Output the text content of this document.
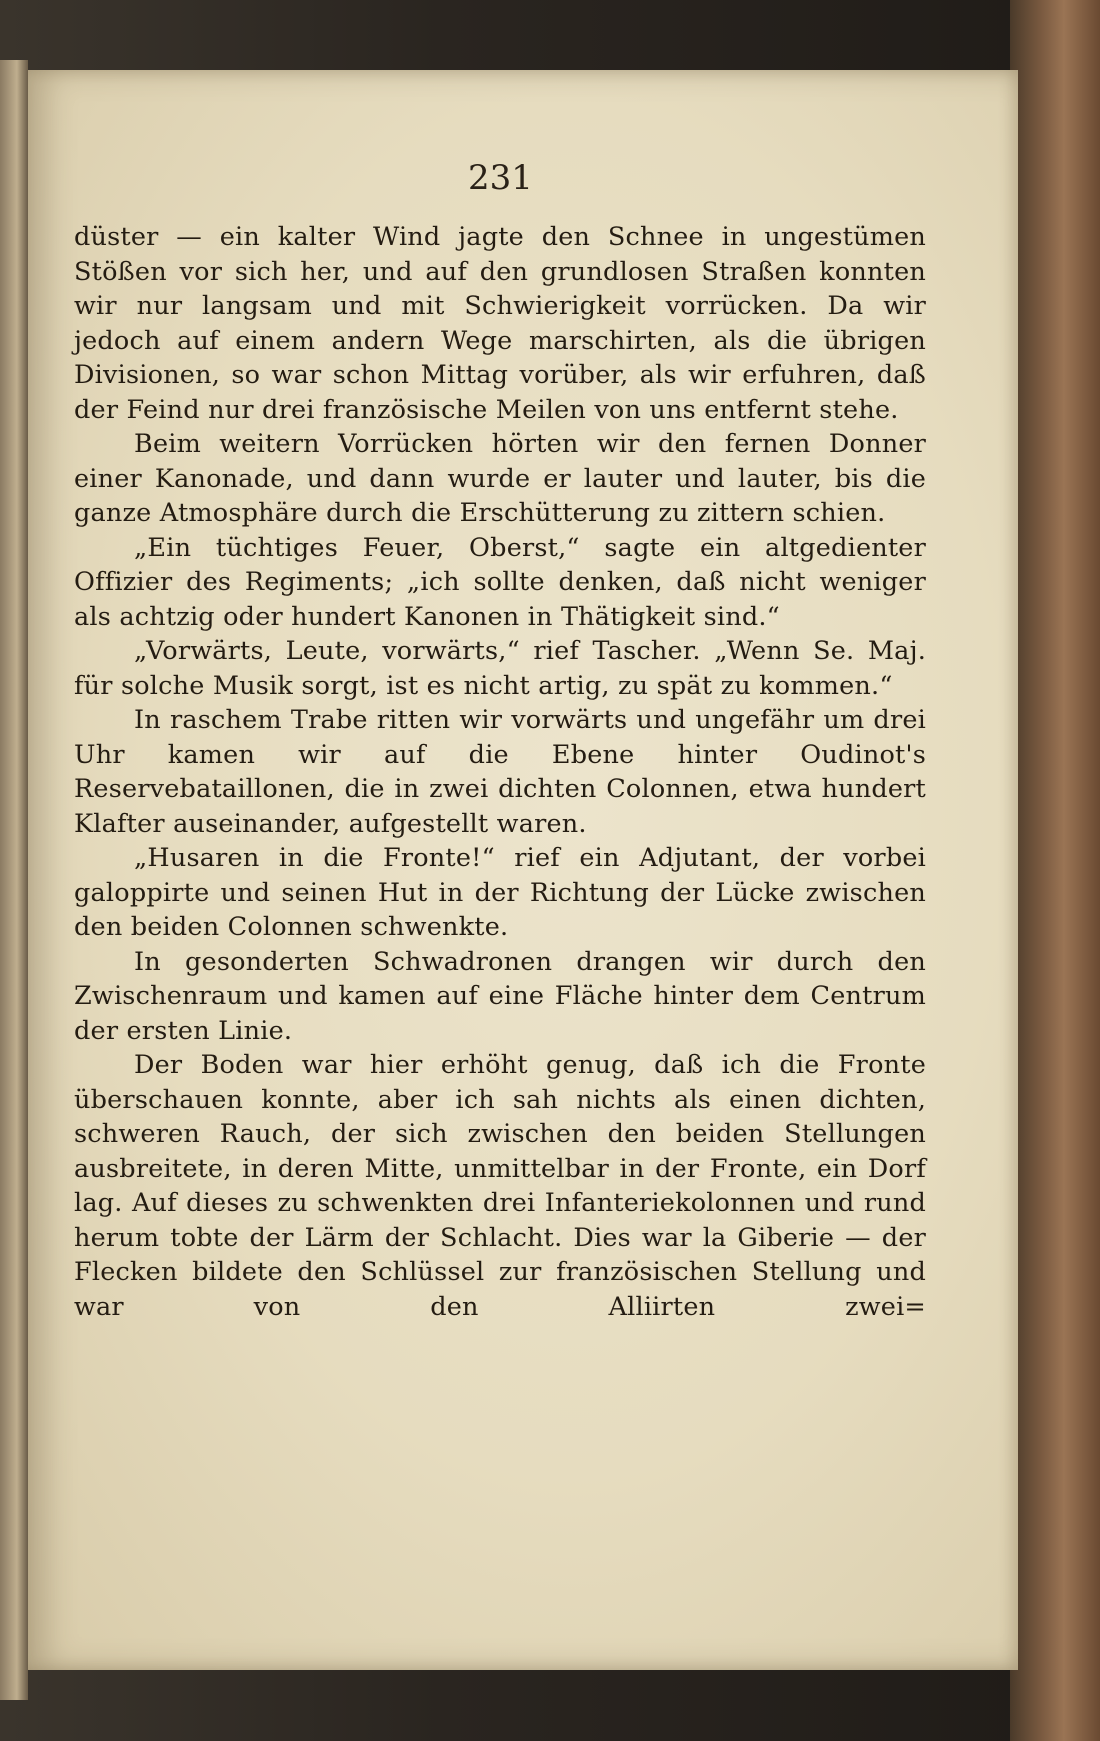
231

düster — ein kalter Wind jagte den Schnee in ungestümen Stößen vor sich her, und auf den grundlosen Straßen konnten wir nur langsam und mit Schwierigkeit vorrücken. Da wir jedoch auf einem andern Wege marschirten, als die übrigen Divisionen, so war schon Mittag vorüber, als wir erfuhren, daß der Feind nur drei französische Meilen von uns entfernt stehe.

Beim weitern Vorrücken hörten wir den fernen Donner einer Kanonade, und dann wurde er lauter und lauter, bis die ganze Atmosphäre durch die Erschütterung zu zittern schien.

„Ein tüchtiges Feuer, Oberst,“ sagte ein altgedienter Offizier des Regiments; „ich sollte denken, daß nicht weniger als achtzig oder hundert Kanonen in Thätigkeit sind.“

„Vorwärts, Leute, vorwärts,“ rief Tascher. „Wenn Se. Maj. für solche Musik sorgt, ist es nicht artig, zu spät zu kommen.“

In raschem Trabe ritten wir vorwärts und ungefähr um drei Uhr kamen wir auf die Ebene hinter Oudinot's Reservebataillonen, die in zwei dichten Colonnen, etwa hundert Klafter auseinander, aufgestellt waren.

„Husaren in die Fronte!“ rief ein Adjutant, der vorbei galoppirte und seinen Hut in der Richtung der Lücke zwischen den beiden Colonnen schwenkte.

In gesonderten Schwadronen drangen wir durch den Zwischenraum und kamen auf eine Fläche hinter dem Centrum der ersten Linie.

Der Boden war hier erhöht genug, daß ich die Fronte überschauen konnte, aber ich sah nichts als einen dichten, schweren Rauch, der sich zwischen den beiden Stellungen ausbreitete, in deren Mitte, unmittelbar in der Fronte, ein Dorf lag. Auf dieses zu schwenkten drei Infanteriekolonnen und rund herum tobte der Lärm der Schlacht. Dies war la Giberie — der Flecken bildete den Schlüssel zur französischen Stellung und war von den Alliirten zwei=
